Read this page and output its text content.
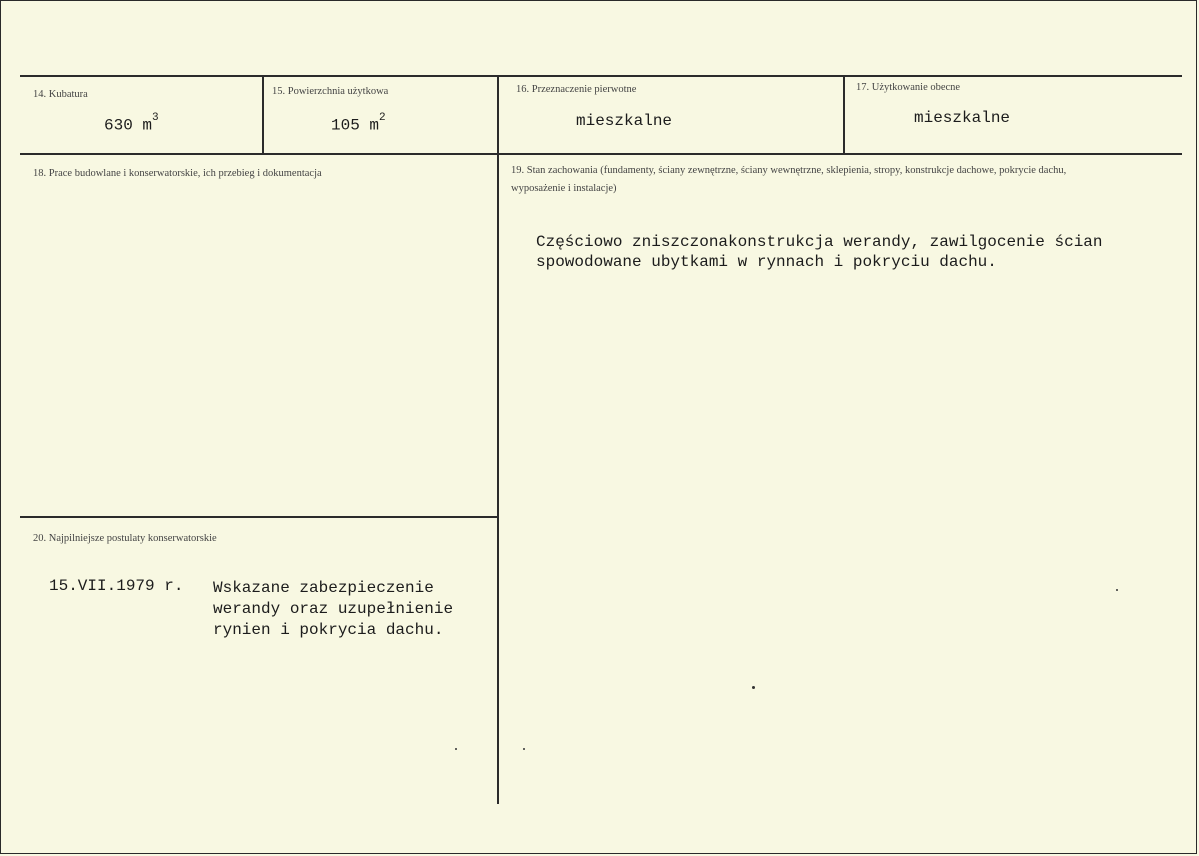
14. Kubatura
630 $m^3$
15. Powierzchnia użytkowa
105 $m^2$
16. Przeznaczenie pierwotne
mieszkalne
17. Użytkowanie obecne
mieszkalne
18. Prace budowlane i konserwatorskie, ich przebieg i dokumentacja	19. Stan zachowania (fundamenty, ściany zewnętrzne, ściany wewnętrzne, sklepienia, stropy, konstrukcje dachowe, pokrycie dachu, wyposażenie i instalacje)
Częściowo zniszczonakonstrukcja werandy, zawilgocenie ścian
spowodowane ubytkami w rynnach i pokryciu dachu.
20. Najpilniejsze postulaty konserwatorskie
15.VII.1979 r. Wskazane zabezpieczenie
werandy oraz uzupełnienie
rynien i pokrycia dachu.
